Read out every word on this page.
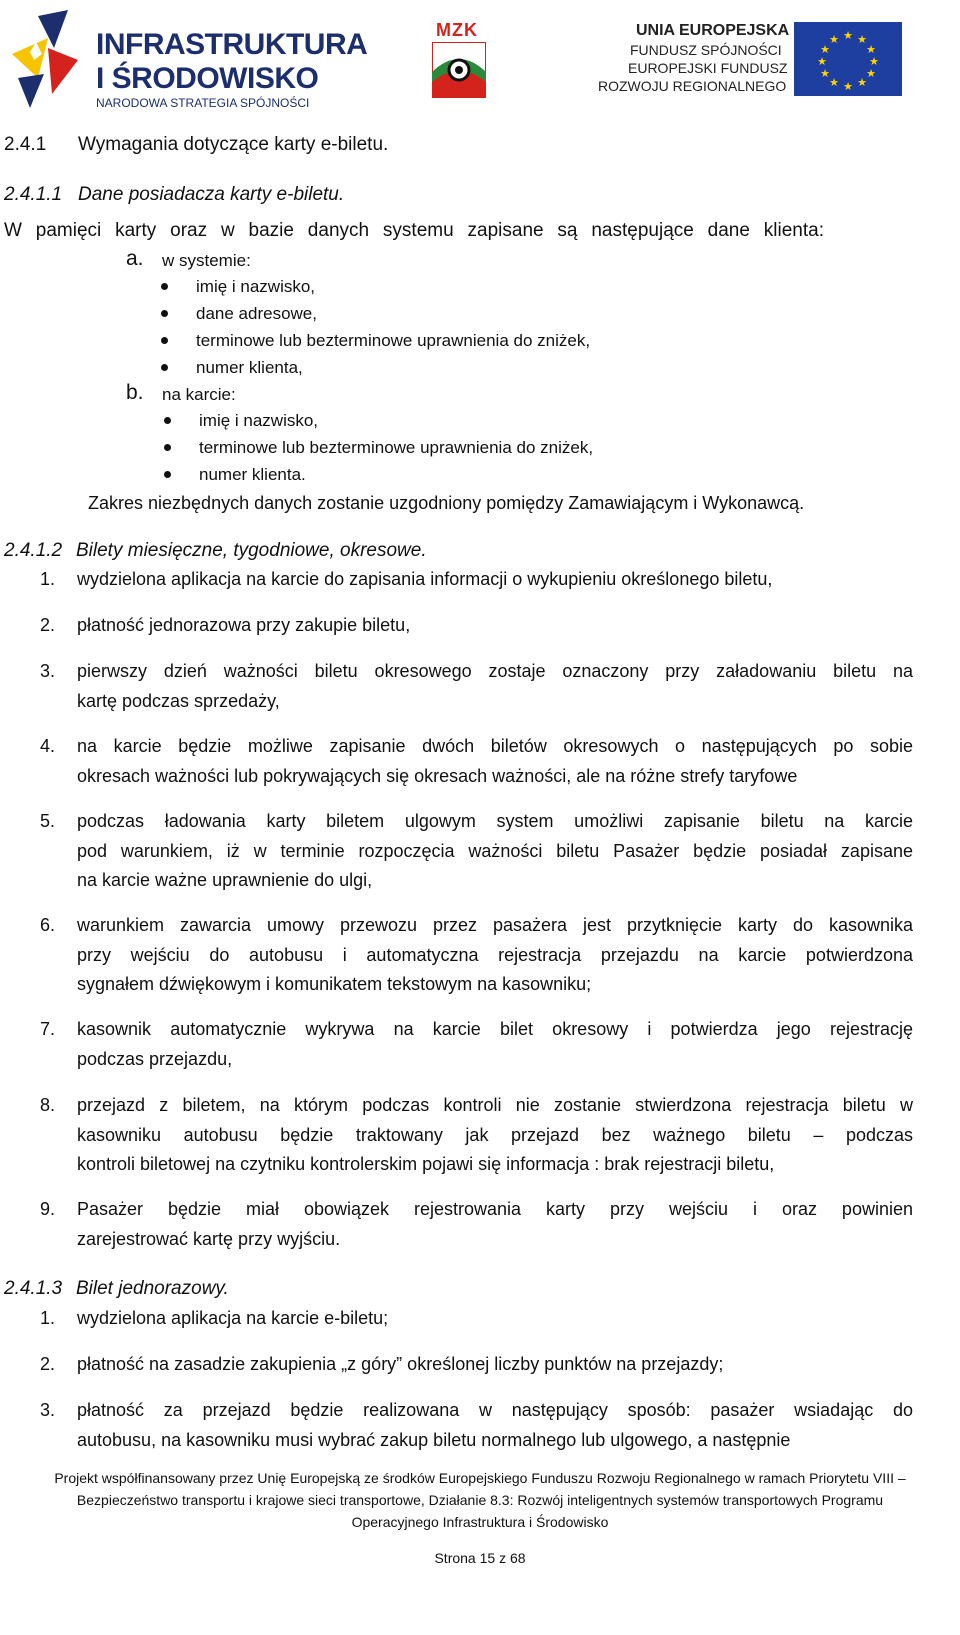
INFRASTRUKTURA
I ŚRODOWISKO
NARODOWA STRATEGIA SPÓJNOŚCI
MZK	UNIA EUROPEJSKA
FUNDUSZ SPÓJNOŚCI
EUROPEJSKI FUNDUSZ
ROZWOJU REGIONALNEGO
★ ★
★
★
★
★
★
★
★
★
★
★
2.4.1 Wymagania dotyczące karty e-biletu.
2.4.1.1 Dane posiadacza karty e-biletu.
W pamięci karty oraz w bazie danych systemu zapisane są następujące dane klienta:
a. w systemie:
imię i nazwisko,
dane adresowe,
terminowe lub bezterminowe uprawnienia do zniżek,
numer klienta,
b. na karcie:
imię i nazwisko,
terminowe lub bezterminowe uprawnienia do zniżek,
numer klienta.
Zakres niezbędnych danych zostanie uzgodniony pomiędzy Zamawiającym i Wykonawcą.
2.4.1.2 Bilety miesięczne, tygodniowe, okresowe.
1. wydzielona aplikacja na karcie do zapisania informacji o wykupieniu określonego biletu,
2. płatność jednorazowa przy zakupie biletu,
3. pierwszy dzień ważności biletu okresowego zostaje oznaczony przy załadowaniu biletu na
kartę podczas sprzedaży,
4. na karcie będzie możliwe zapisanie dwóch biletów okresowych o następujących po sobie
okresach ważności lub pokrywających się okresach ważności, ale na różne strefy taryfowe
5. podczas ładowania karty biletem ulgowym system umożliwi zapisanie biletu na karcie
pod warunkiem, iż w terminie rozpoczęcia ważności biletu Pasażer będzie posiadał zapisane
na karcie ważne uprawnienie do ulgi,
6. warunkiem zawarcia umowy przewozu przez pasażera jest przytknięcie karty do kasownika
przy wejściu do autobusu i automatyczna rejestracja przejazdu na karcie potwierdzona
sygnałem dźwiękowym i komunikatem tekstowym na kasowniku;
7. kasownik automatycznie wykrywa na karcie bilet okresowy i potwierdza jego rejestrację
podczas przejazdu,
8. przejazd z biletem, na którym podczas kontroli nie zostanie stwierdzona rejestracja biletu w
kasowniku autobusu będzie traktowany jak przejazd bez ważnego biletu – podczas
kontroli biletowej na czytniku kontrolerskim pojawi się informacja : brak rejestracji biletu,
9. Pasażer będzie miał obowiązek rejestrowania karty przy wejściu i oraz powinien
zarejestrować kartę przy wyjściu.
2.4.1.3 Bilet jednorazowy.
1. wydzielona aplikacja na karcie e-biletu;
2. płatność na zasadzie zakupienia „z góry” określonej liczby punktów na przejazdy;
3. płatność za przejazd będzie realizowana w następujący sposób: pasażer wsiadając do
autobusu, na kasowniku musi wybrać zakup biletu normalnego lub ulgowego, a następnie
Projekt współfinansowany przez Unię Europejską ze środków Europejskiego Funduszu Rozwoju Regionalnego w ramach Priorytetu VIII –
Bezpieczeństwo transportu i krajowe sieci transportowe, Działanie 8.3: Rozwój inteligentnych systemów transportowych Programu
Operacyjnego Infrastruktura i Środowisko
Strona 15 z 68
